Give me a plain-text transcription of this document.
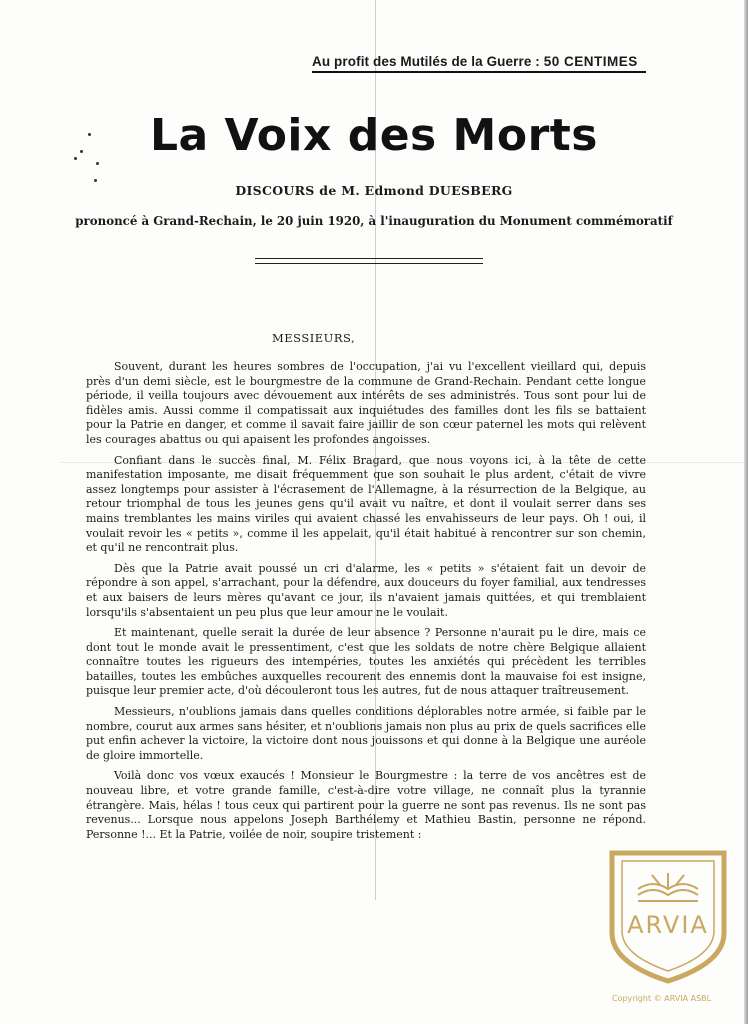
Au profit des Mutilés de la Guerre : 50 CENTIMES
La Voix des Morts
DISCOURS de M. Edmond DUESBERG
prononcé à Grand-Rechain, le 20 juin 1920, à l'inauguration du Monument commémoratif
MESSIEURS,

Souvent, durant les heures sombres de l'occupation, j'ai vu l'excellent vieillard qui, depuis près d'un demi siècle, est le bourgmestre de la commune de Grand-Rechain. Pendant cette longue période, il veilla toujours avec dévouement aux intérêts de ses administrés. Tous sont pour lui de fidèles amis. Aussi comme il compatissait aux inquiétudes des familles dont les fils se battaient pour la Patrie en danger, et comme il savait faire jaillir de son cœur paternel les mots qui relèvent les courages abattus ou qui apaisent les profondes angoisses.

Confiant dans le succès final, M. Félix Bragard, que nous voyons ici, à la tête de cette manifestation imposante, me disait fréquemment que son souhait le plus ardent, c'était de vivre assez longtemps pour assister à l'écrasement de l'Allemagne, à la résurrection de la Belgique, au retour triomphal de tous les jeunes gens qu'il avait vu naître, et dont il voulait serrer dans ses mains tremblantes les mains viriles qui avaient chassé les envahisseurs de leur pays. Oh ! oui, il voulait revoir les « petits », comme il les appelait, qu'il était habitué à rencontrer sur son chemin, et qu'il ne rencontrait plus.

Dès que la Patrie avait poussé un cri d'alarme, les « petits » s'étaient fait un devoir de répondre à son appel, s'arrachant, pour la défendre, aux douceurs du foyer familial, aux tendresses et aux baisers de leurs mères qu'avant ce jour, ils n'avaient jamais quittées, et qui tremblaient lorsqu'ils s'absentaient un peu plus que leur amour ne le voulait.

Et maintenant, quelle serait la durée de leur absence ? Personne n'aurait pu le dire, mais ce dont tout le monde avait le pressentiment, c'est que les soldats de notre chère Belgique allaient connaître toutes les rigueurs des intempéries, toutes les anxiétés qui précèdent les terribles batailles, toutes les embûches auxquelles recourent des ennemis dont la mauvaise foi est insigne, puisque leur premier acte, d'où découleront tous les autres, fut de nous attaquer traîtreusement.

Messieurs, n'oublions jamais dans quelles conditions déplorables notre armée, si faible par le nombre, courut aux armes sans hésiter, et n'oublions jamais non plus au prix de quels sacrifices elle put enfin achever la victoire, la victoire dont nous jouissons et qui donne à la Belgique une auréole de gloire immortelle.

Voilà donc vos vœux exaucés ! Monsieur le Bourgmestre : la terre de vos ancêtres est de nouveau libre, et votre grande famille, c'est-à-dire votre village, ne connaît plus la tyrannie étrangère. Mais, hélas ! tous ceux qui partirent pour la guerre ne sont pas revenus. Ils ne sont pas revenus... Lorsque nous appelons Joseph Barthélemy et Mathieu Bastin, personne ne répond. Personne !... Et la Patrie, voilée de noir, soupire tristement :

ARVIA
Copyright © ARVIA ASBL
